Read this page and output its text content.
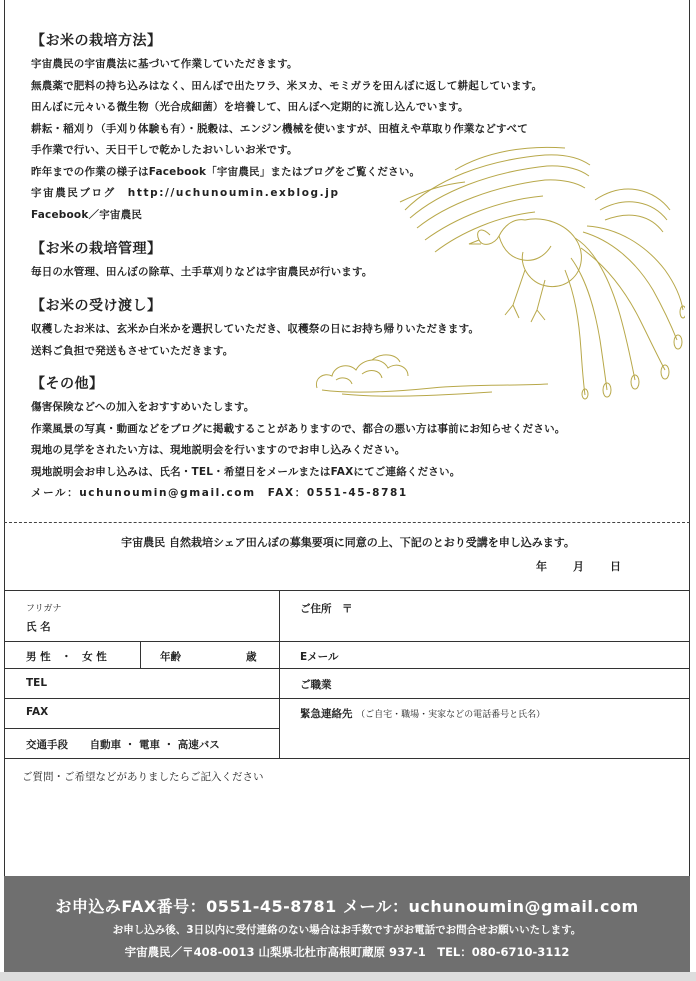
【お米の栽培方法】
宇宙農民の宇宙農法に基づいて作業していただきます。
無農薬で肥料の持ち込みはなく、田んぼで出たワラ、米ヌカ、モミガラを田んぼに返して耕起しています。
田んぼに元々いる微生物（光合成細菌）を培養して、田んぼへ定期的に流し込んでいます。
耕耘・稲刈り（手刈り体験も有）・脱穀は、エンジン機械を使いますが、田植えや草取り作業などすべて
手作業で行い、天日干しで乾かしたおいしいお米です。
昨年までの作業の様子はFacebook「宇宙農民」またはブログをご覧ください。
宇宙農民ブログ　http://uchunoumin.exblog.jp
Facebook／宇宙農民
【お米の栽培管理】
毎日の水管理、田んぼの除草、土手草刈りなどは宇宙農民が行います。
【お米の受け渡し】
収穫したお米は、玄米か白米かを選択していただき、収穫祭の日にお持ち帰りいただきます。
送料ご負担で発送もさせていただきます。
【その他】
傷害保険などへの加入をおすすめいたします。
作業風景の写真・動画などをブログに掲載することがありますので、都合の悪い方は事前にお知らせください。
現地の見学をされたい方は、現地説明会を行いますのでお申し込みください。
現地説明会お申し込みは、氏名・TEL・希望日をメールまたはFAXにてご連絡ください。
メール：uchunoumin@gmail.com　FAX：0551-45-8781
宇宙農民 自然栽培シェア田んぼの募集要項に同意の上、下記のとおり受講を申し込みます。
年 月 日
フリガナ
氏 名
ご住所　〒
男 性　・　女 性	年齢	歳	Eメール
TEL	ご職業
FAX	緊急連絡先 （ご自宅・職場・実家などの電話番号と氏名）
交通手段 自動車 ・ 電車 ・ 高速バス
ご質問・ご希望などがありましたらご記入ください
お申込みFAX番号：0551-45-8781 メール：uchunoumin@gmail.com
お申し込み後、3日以内に受付連絡のない場合はお手数ですがお電話でお問合せお願いいたします。
宇宙農民／〒408-0013 山梨県北杜市高根町蔵原 937-1　TEL：080-6710-3112
